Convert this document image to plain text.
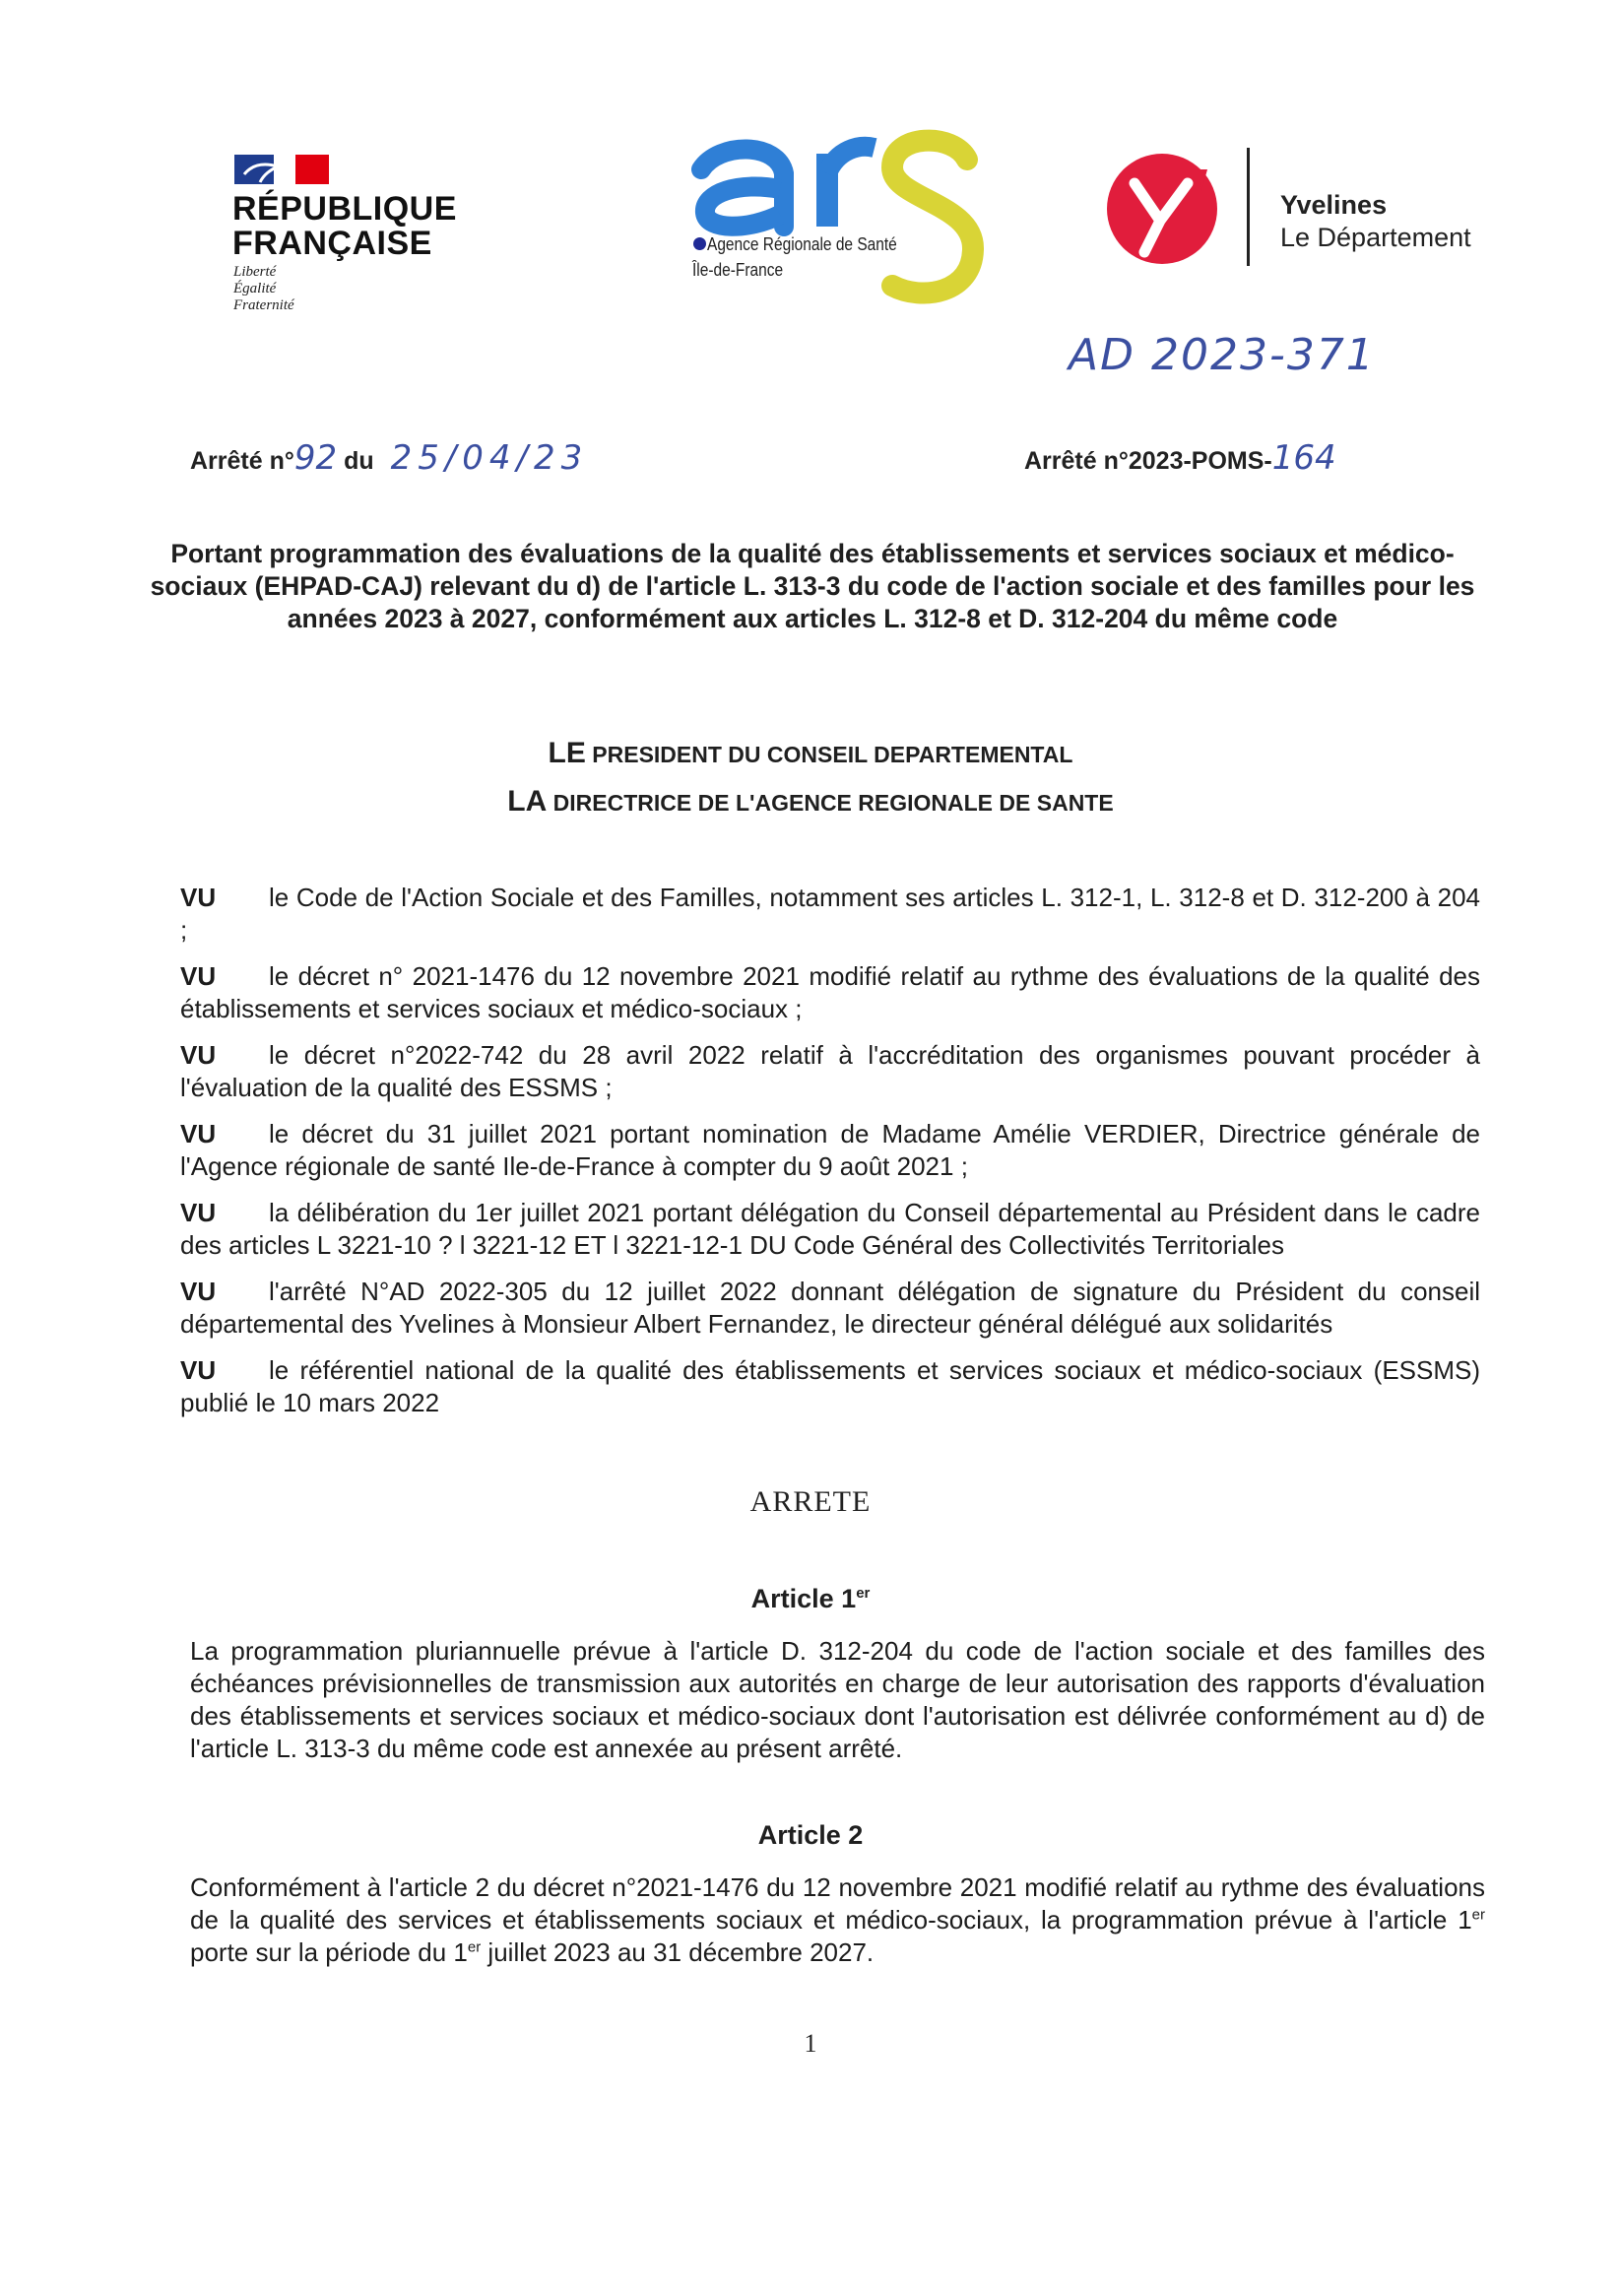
RÉPUBLIQUE
FRANÇAISE
Liberté
Égalité
Fraternité
Agence Régionale de Santé
Île-de-France
Yvelines
Le Département
AD 2023-371
Arrêté n°92 du 25/04/23	Arrêté n°2023-POMS-164
Portant programmation des évaluations de la qualité des établissements et services sociaux et médico-sociaux (EHPAD-CAJ) relevant du d) de l'article L. 313-3 du code de l'action sociale et des familles pour les années 2023 à 2027, conformément aux articles L. 312-8 et D. 312-204 du même code
LE PRESIDENT DU CONSEIL DEPARTEMENTAL
LA DIRECTRICE DE L'AGENCE REGIONALE DE SANTE
VU le Code de l'Action Sociale et des Familles, notamment ses articles L. 312-1, L. 312-8 et D. 312-200 à 204 ;
VU le décret n° 2021-1476 du 12 novembre 2021 modifié relatif au rythme des évaluations de la qualité des établissements et services sociaux et médico-sociaux ;
VU le décret n°2022-742 du 28 avril 2022 relatif à l'accréditation des organismes pouvant procéder à l'évaluation de la qualité des ESSMS ;
VU le décret du 31 juillet 2021 portant nomination de Madame Amélie VERDIER, Directrice générale de l'Agence régionale de santé Ile-de-France à compter du 9 août 2021 ;
VU la délibération du 1er juillet 2021 portant délégation du Conseil départemental au Président dans le cadre des articles L 3221-10 ? l 3221-12 ET l 3221-12-1 DU Code Général des Collectivités Territoriales
VU l'arrêté N°AD 2022-305 du 12 juillet 2022 donnant délégation de signature du Président du conseil départemental des Yvelines à Monsieur Albert Fernandez, le directeur général délégué aux solidarités
VU le référentiel national de la qualité des établissements et services sociaux et médico-sociaux (ESSMS) publié le 10 mars 2022
ARRETE
Article 1er
La programmation pluriannuelle prévue à l'article D. 312-204 du code de l'action sociale et des familles des échéances prévisionnelles de transmission aux autorités en charge de leur autorisation des rapports d'évaluation des établissements et services sociaux et médico-sociaux dont l'autorisation est délivrée conformément au d) de l'article L. 313-3 du même code est annexée au présent arrêté.
Article 2
Conformément à l'article 2 du décret n°2021-1476 du 12 novembre 2021 modifié relatif au rythme des évaluations de la qualité des services et établissements sociaux et médico-sociaux, la programmation prévue à l'article 1er porte sur la période du 1er juillet 2023 au 31 décembre 2027.
1
